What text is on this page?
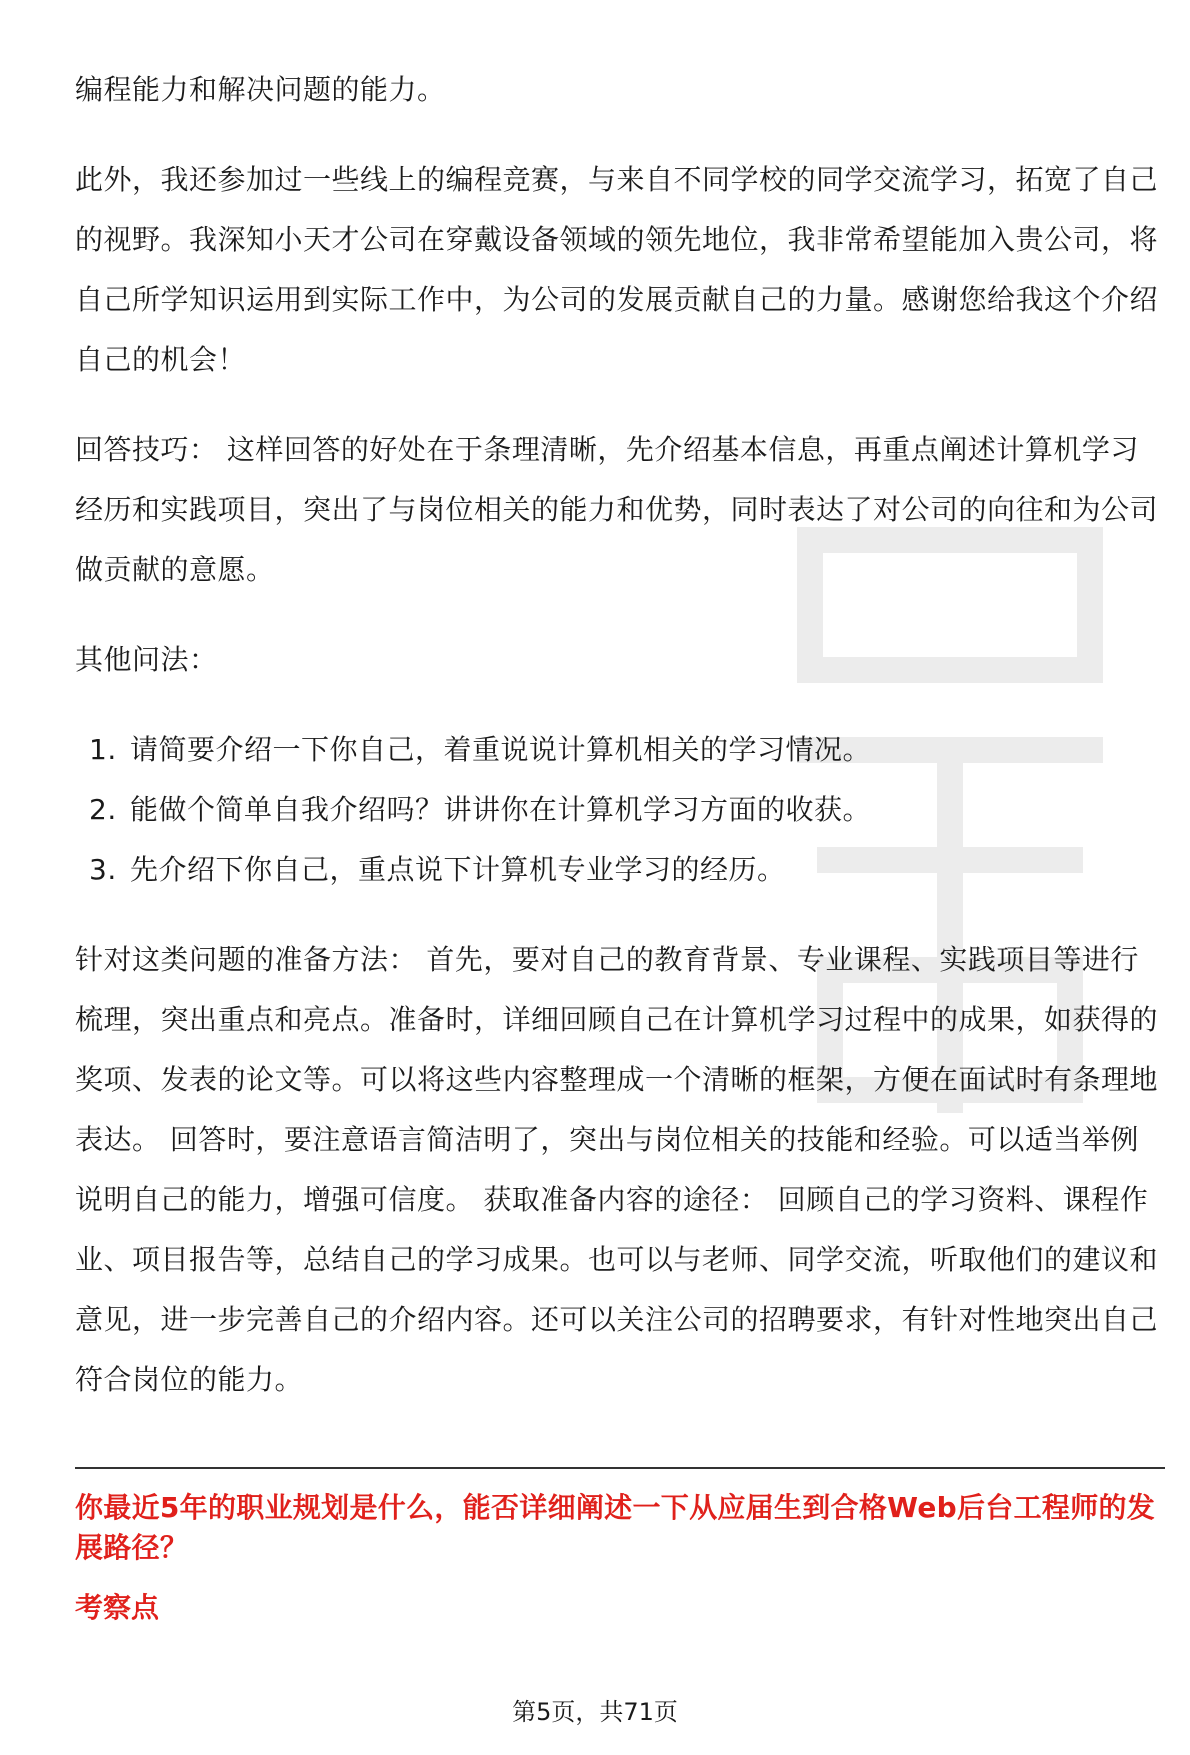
编程能力和解决问题的能力。

此外，我还参加过一些线上的编程竞赛，与来自不同学校的同学交流学习，拓宽了自己的视野。我深知小天才公司在穿戴设备领域的领先地位，我非常希望能加入贵公司，将自己所学知识运用到实际工作中，为公司的发展贡献自己的力量。感谢您给我这个介绍自己的机会！

回答技巧： 这样回答的好处在于条理清晰，先介绍基本信息，再重点阐述计算机学习经历和实践项目，突出了与岗位相关的能力和优势，同时表达了对公司的向往和为公司做贡献的意愿。

其他问法：

1. 请简要介绍一下你自己，着重说说计算机相关的学习情况。
2. 能做个简单自我介绍吗？讲讲你在计算机学习方面的收获。
3. 先介绍下你自己，重点说下计算机专业学习的经历。

针对这类问题的准备方法： 首先，要对自己的教育背景、专业课程、实践项目等进行梳理，突出重点和亮点。准备时，详细回顾自己在计算机学习过程中的成果，如获得的奖项、发表的论文等。可以将这些内容整理成一个清晰的框架，方便在面试时有条理地表达。 回答时，要注意语言简洁明了，突出与岗位相关的技能和经验。可以适当举例说明自己的能力，增强可信度。 获取准备内容的途径： 回顾自己的学习资料、课程作业、项目报告等，总结自己的学习成果。也可以与老师、同学交流，听取他们的建议和意见，进一步完善自己的介绍内容。还可以关注公司的招聘要求，有针对性地突出自己符合岗位的能力。

你最近5年的职业规划是什么，能否详细阐述一下从应届生到合格Web后台工程师的发展路径？
考察点
第5页，共71页
